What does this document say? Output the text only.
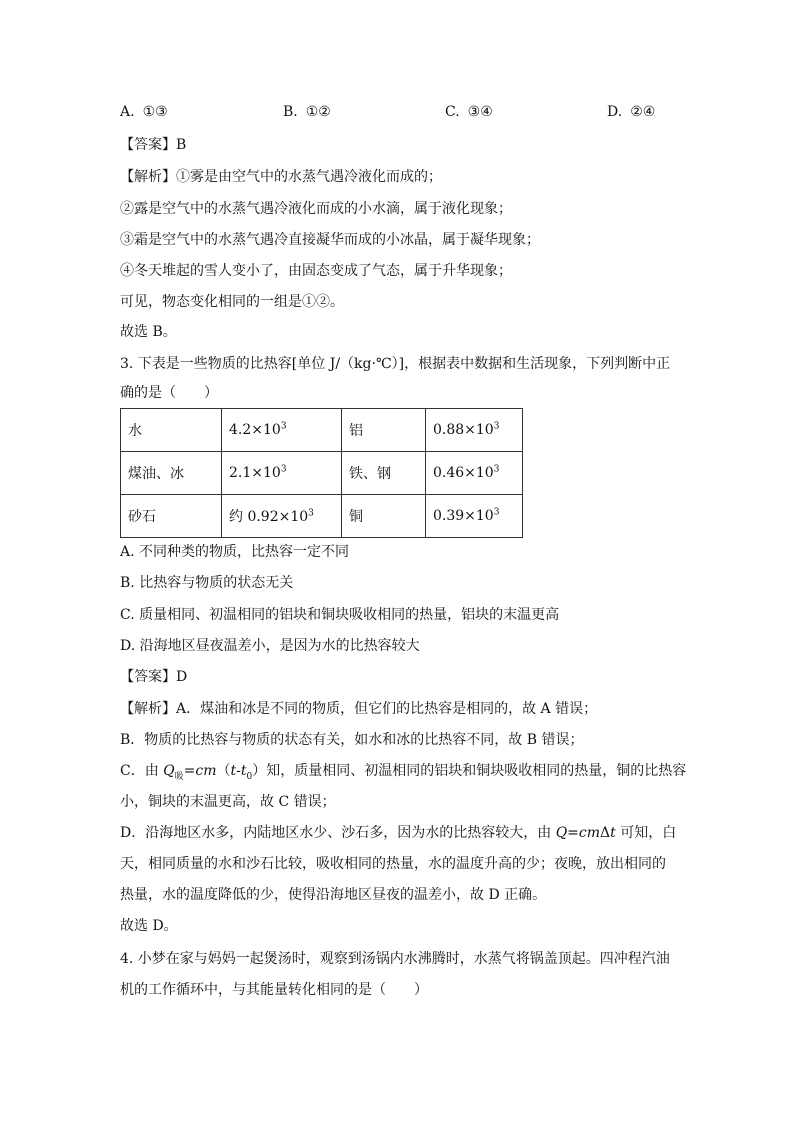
A. ①③	B. ①②	C. ③④	D. ②④
【答案】B
【解析】①雾是由空气中的水蒸气遇冷液化而成的；
②露是空气中的水蒸气遇冷液化而成的小水滴，属于液化现象；
③霜是空气中的水蒸气遇冷直接凝华而成的小冰晶，属于凝华现象；
④冬天堆起的雪人变小了，由固态变成了气态，属于升华现象；
可见，物态变化相同的一组是①②。
故选 B。
3. 下表是一些物质的比热容[单位 J/（kg·℃）]，根据表中数据和生活现象，下列判断中正
确的是（　　）
水	$4.2\times 10^3$	铝	$0.88\times 10^3$
煤油、冰	$2.1\times 10^3$	铁、钢	$0.46\times 10^3$
砂石	约 $0.92\times 10^3$	铜	$0.39\times 10^3$
A. 不同种类的物质，比热容一定不同
B. 比热容与物质的状态无关
C. 质量相同、初温相同的铝块和铜块吸收相同的热量，铝块的末温更高
D. 沿海地区昼夜温差小，是因为水的比热容较大
【答案】D
【解析】A．煤油和冰是不同的物质，但它们的比热容是相同的，故 A 错误；
B．物质的比热容与物质的状态有关，如水和冰的比热容不同，故 B 错误；
C．由 $Q_吸=cm(t-t_0)$知，质量相同、初温相同的铝块和铜块吸收相同的热量，铜的比热容
小，铜块的末温更高，故 C 错误；
D．沿海地区水多，内陆地区水少、沙石多，因为水的比热容较大，由 Q=cmΔt 可知，白
天，相同质量的水和沙石比较，吸收相同的热量，水的温度升高的少；夜晚，放出相同的
热量，水的温度降低的少，使得沿海地区昼夜的温差小，故 D 正确。
故选 D。
4. 小梦在家与妈妈一起煲汤时，观察到汤锅内水沸腾时，水蒸气将锅盖顶起。四冲程汽油
机的工作循环中，与其能量转化相同的是（　　）
